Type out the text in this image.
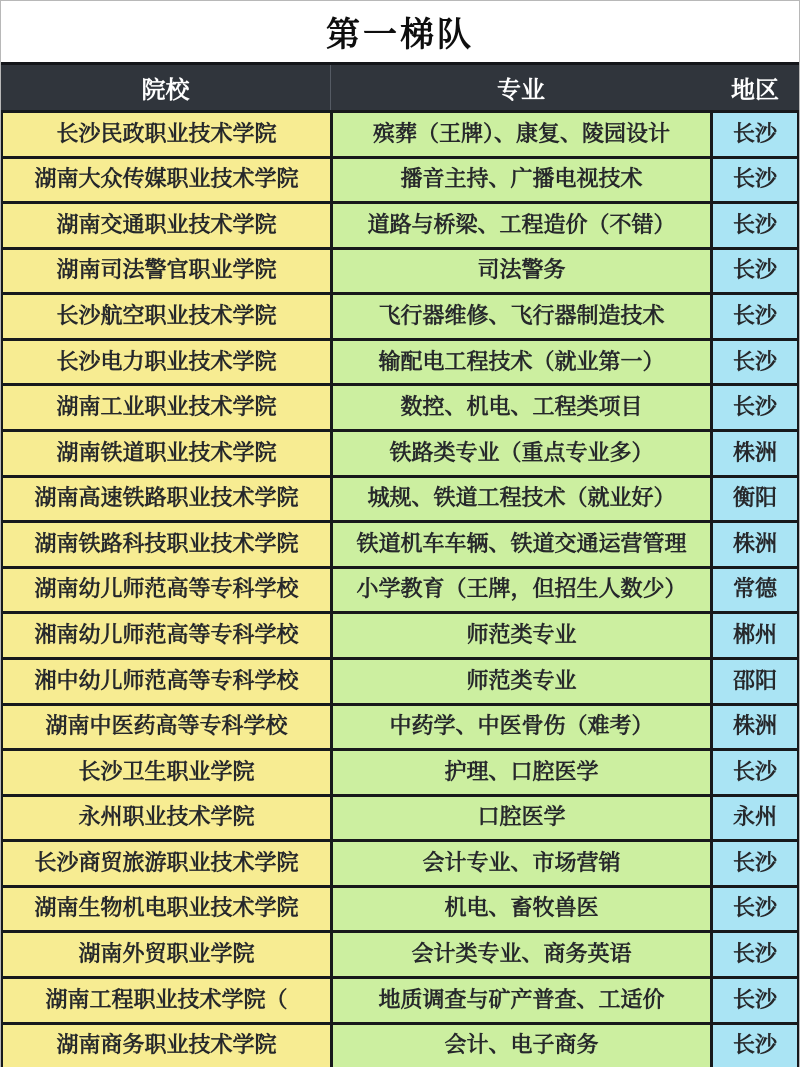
第一梯队
院校	专业	地区
长沙民政职业技术学院	殡葬（王牌）、康复、陵园设计	长沙
湖南大众传媒职业技术学院	播音主持、广播电视技术	长沙
湖南交通职业技术学院	道路与桥梁、工程造价（不错）	长沙
湖南司法警官职业学院	司法警务	长沙
长沙航空职业技术学院	飞行器维修、飞行器制造技术	长沙
长沙电力职业技术学院	输配电工程技术（就业第一）	长沙
湖南工业职业技术学院	数控、机电、工程类项目	长沙
湖南铁道职业技术学院	铁路类专业（重点专业多）	株洲
湖南高速铁路职业技术学院	城规、铁道工程技术（就业好）	衡阳
湖南铁路科技职业技术学院	铁道机车车辆、铁道交通运营管理	株洲
湖南幼儿师范高等专科学校	小学教育（王牌，但招生人数少）	常德
湘南幼儿师范高等专科学校	师范类专业	郴州
湘中幼儿师范高等专科学校	师范类专业	邵阳
湖南中医药高等专科学校	中药学、中医骨伤（难考）	株洲
长沙卫生职业学院	护理、口腔医学	长沙
永州职业技术学院	口腔医学	永州
长沙商贸旅游职业技术学院	会计专业、市场营销	长沙
湖南生物机电职业技术学院	机电、畜牧兽医	长沙
湖南外贸职业学院	会计类专业、商务英语	长沙
湖南工程职业技术学院（	地质调查与矿产普查、工适价	长沙
湖南商务职业技术学院	会计、电子商务	长沙
